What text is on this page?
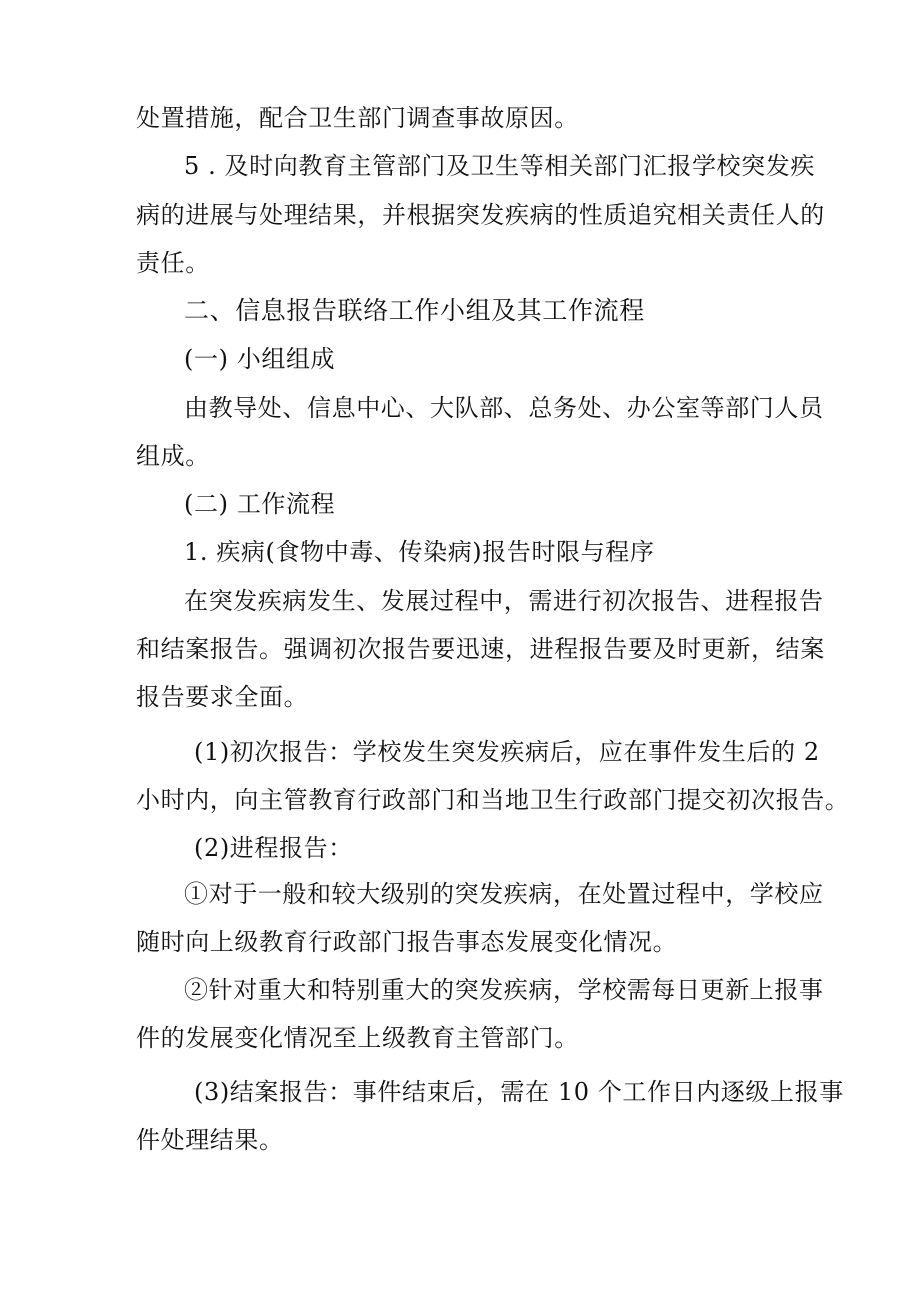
处置措施，配合卫生部门调查事故原因。
5 . 及时向教育主管部门及卫生等相关部门汇报学校突发疾
病的进展与处理结果，并根据突发疾病的性质追究相关责任人的
责任。
二、信息报告联络工作小组及其工作流程
(一) 小组组成
由教导处、信息中心、大队部、总务处、办公室等部门人员
组成。
(二) 工作流程
1. 疾病(食物中毒、传染病)报告时限与程序
在突发疾病发生、发展过程中，需进行初次报告、进程报告
和结案报告。强调初次报告要迅速，进程报告要及时更新，结案
报告要求全面。
(1)初次报告：学校发生突发疾病后，应在事件发生后的 2
小时内，向主管教育行政部门和当地卫生行政部门提交初次报告。
(2)进程报告：
①对于一般和较大级别的突发疾病，在处置过程中，学校应
随时向上级教育行政部门报告事态发展变化情况。
②针对重大和特别重大的突发疾病，学校需每日更新上报事
件的发展变化情况至上级教育主管部门。
(3)结案报告：事件结束后，需在 10 个工作日内逐级上报事
件处理结果。
